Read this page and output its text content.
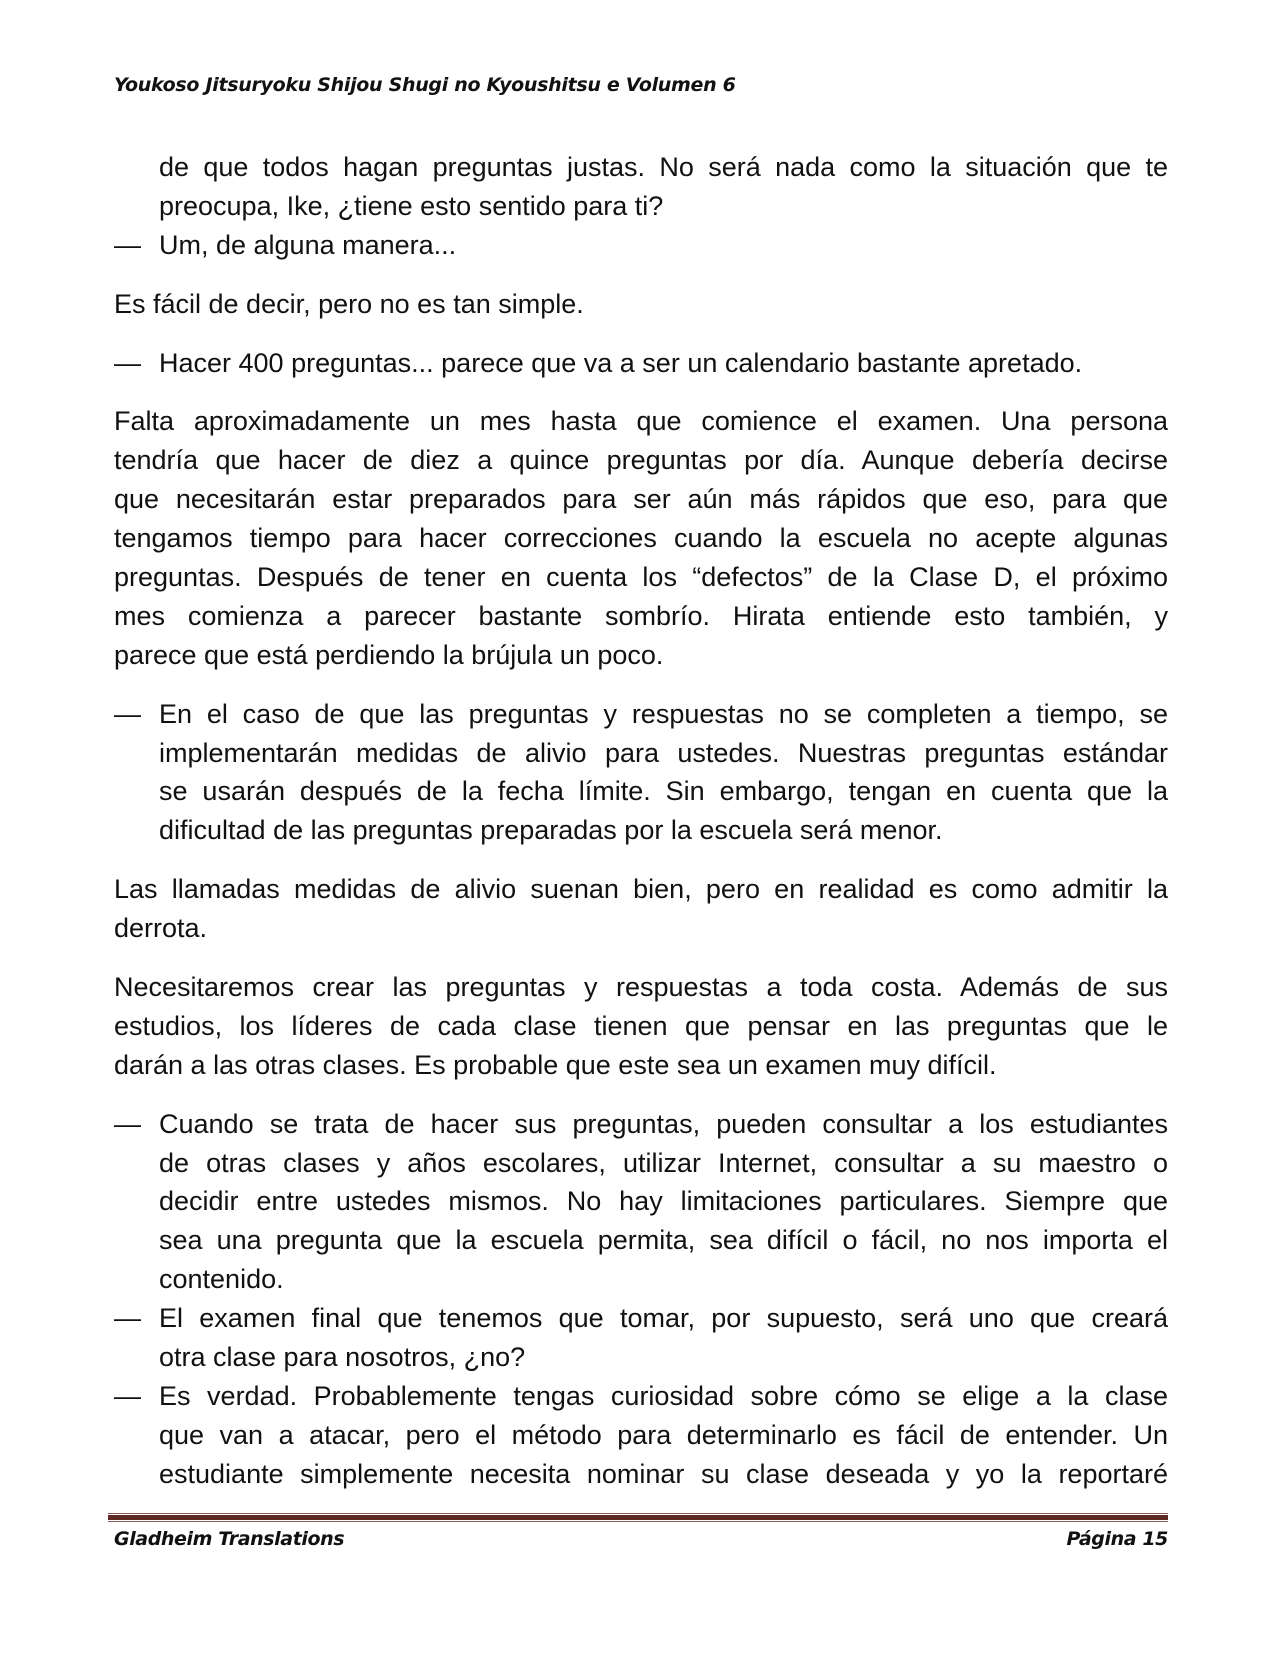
Youkoso Jitsuryoku Shijou Shugi no Kyoushitsu e Volumen 6
de que todos hagan preguntas justas. No será nada como la situación que te
preocupa, Ike, ¿tiene esto sentido para ti?
— Um, de alguna manera...
Es fácil de decir, pero no es tan simple.
— Hacer 400 preguntas... parece que va a ser un calendario bastante apretado.
Falta aproximadamente un mes hasta que comience el examen. Una persona
tendría que hacer de diez a quince preguntas por día. Aunque debería decirse
que necesitarán estar preparados para ser aún más rápidos que eso, para que
tengamos tiempo para hacer correcciones cuando la escuela no acepte algunas
preguntas. Después de tener en cuenta los “defectos” de la Clase D, el próximo
mes comienza a parecer bastante sombrío. Hirata entiende esto también, y
parece que está perdiendo la brújula un poco.
— En el caso de que las preguntas y respuestas no se completen a tiempo, se
implementarán medidas de alivio para ustedes. Nuestras preguntas estándar
se usarán después de la fecha límite. Sin embargo, tengan en cuenta que la
dificultad de las preguntas preparadas por la escuela será menor.
Las llamadas medidas de alivio suenan bien, pero en realidad es como admitir la
derrota.
Necesitaremos crear las preguntas y respuestas a toda costa. Además de sus
estudios, los líderes de cada clase tienen que pensar en las preguntas que le
darán a las otras clases. Es probable que este sea un examen muy difícil.
— Cuando se trata de hacer sus preguntas, pueden consultar a los estudiantes
de otras clases y años escolares, utilizar Internet, consultar a su maestro o
decidir entre ustedes mismos. No hay limitaciones particulares. Siempre que
sea una pregunta que la escuela permita, sea difícil o fácil, no nos importa el
contenido.
— El examen final que tenemos que tomar, por supuesto, será uno que creará
otra clase para nosotros, ¿no?
— Es verdad. Probablemente tengas curiosidad sobre cómo se elige a la clase
que van a atacar, pero el método para determinarlo es fácil de entender. Un
estudiante simplemente necesita nominar su clase deseada y yo la reportaré
Gladheim Translations	Página 15
